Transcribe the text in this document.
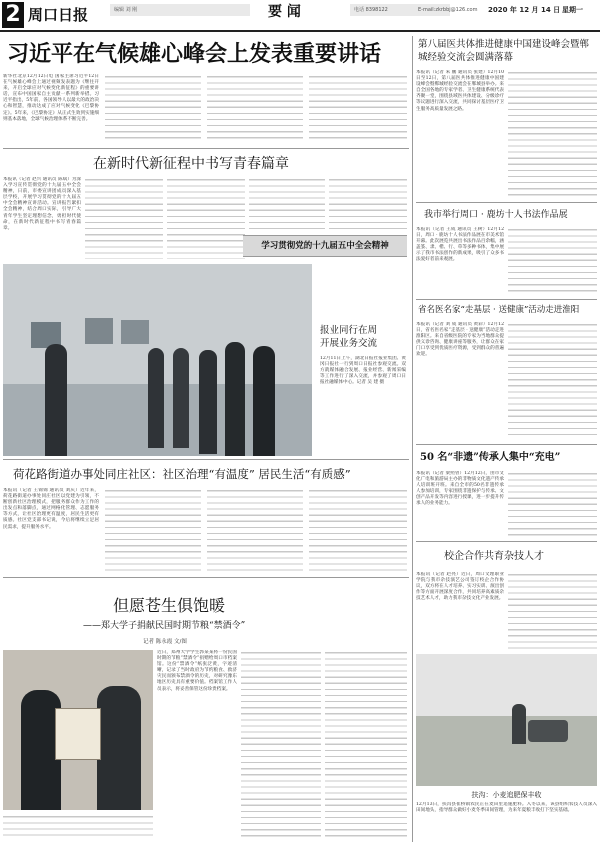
2 周口日报	编辑 刘 刚	要 闻	电话 8398122	E-mail:zkrbbj@126.com 2020 年 12 月 14 日 星期一
习近平在气候雄心峰会上发表重要讲话
新华社北京12月12日电 国家主席习近平12日在气候雄心峰会上通过视频发表题为《继往开来，开启全球应对气候变化新征程》的重要讲话，宣布中国国家自主贡献一系列新举措。习近平指出，5年前，各国领导人以最大的政治决心和智慧，推动达成了应对气候变化《巴黎协定》。5年来，《巴黎协定》从正式生效到实施细则基本落地，全球气候治理体系不断完善。
在新时代新征程中书写青春篇章
本报讯（记者 赵兴 通讯员 陈斌）为深入学习宣传贯彻党的十九届五中全会精神，日前，市委宣讲团成员深入基层学校，开展学习贯彻党的十九届五中全会精神宣讲活动。宣讲报告紧扣全会精神，结合周口实际，引导广大青年学生坚定理想信念，勇担时代使命，在新时代新征程中书写青春篇章。
学习贯彻党的十九届五中全会精神
报业同行在周
开展业务交流
12月11日上午，湖北日报社报业集团、黄冈日报社一行到周口日报社参观交流。双方就媒体融合发展、报业经营、新闻采编等工作进行了深入交流，并参观了周口日报社融媒体中心。记者 吴 建 摄
荷花路街道办事处同庄社区：社区治理“有温度” 居民生活“有质感”
本报讯（记者 王锦锦 通讯员 刘庆）近年来，荷花路街道办事处同庄社区以党建为引领，不断创新社区治理模式，把服务群众作为工作的出发点和落脚点，通过网格化管理、志愿服务等方式，让社区治理更有温度，居民生活更有质感。社区党支部书记说，今后将继续立足居民需求，提升服务水平。
但愿苍生俱饱暖
——郑大学子捐献民国时期节粮“禁酒令”
记者 陈永霞 文/图
近日，郑州大学学生郭某某将一份民国时期的节粮“禁酒令”捐赠给周口市档案馆。这份“禁酒令”纸张泛黄，字迹清晰，记录了当时政府为节约粮食、救济灾民而颁布禁酒令的历史，对研究豫东地区历史具有重要价值。档案馆工作人员表示，将妥善保管这份珍贵档案。
第八届医共体推进健康中国建设峰会暨郸城经验交流会圆满落幕
本报讯（记者 朱 鹏 通讯员 张建）12月10日至12日，第八届医共体推进健康中国建设峰会暨郸城经验交流会在郸城县举办。来自全国各地的专家学者、卫生健康系统代表齐聚一堂，围绕县域医共体建设、分级诊疗等议题进行深入交流，共同探讨基层医疗卫生服务高质量发展之路。
我市举行周口 · 鹿坊十人书法作品展
本报讯（记者 王成 通讯员 王树）12月12日，周口 · 鹿坊十人书法作品展在市美术馆开幕。此次展览共展出书法作品百余幅，涵盖篆、隶、楷、行、草等多种书体，集中展示了我市书法创作的新成果，吸引了众多书法爱好者前来观展。
省名医名家“走基层 · 送健康”活动走进淮阳
本报讯（记者 刘 成 通讯员 黄彩）12月12日，省名医名家“走基层 · 送健康”活动走进淮阳区。来自省级医院的专家为当地群众提供义诊咨询、健康讲座等服务，让群众在家门口享受到优质医疗资源，受到群众的普遍欢迎。
50 名“非遗”传承人集中“充电”
本报讯（记者 梁照曾）12月12日，由市文化广电和旅游局主办的非物质文化遗产传承人培训班开班。来自全市的50名非遗传承人参加培训，专家围绕非遗保护与传承、文创产品开发等内容进行授课，进一步提升传承人的业务能力。
校企合作共育杂技人才
本报讯（记者 赵亮）近日，周口文理职业学院与我市杂技演艺公司签订校企合作协议，双方将在人才培养、实习实训、演出创作等方面开展深度合作，共同培养高素质杂技艺术人才，助力我市杂技文化产业发展。
扶沟：小麦追肥保丰收
12月13日，扶沟县崔桥镇农民正在麦田里追施肥料。入冬以来，该县组织农技人员深入田间地头，指导群众做好小麦冬季田间管理，为来年夏粮丰收打下坚实基础。
